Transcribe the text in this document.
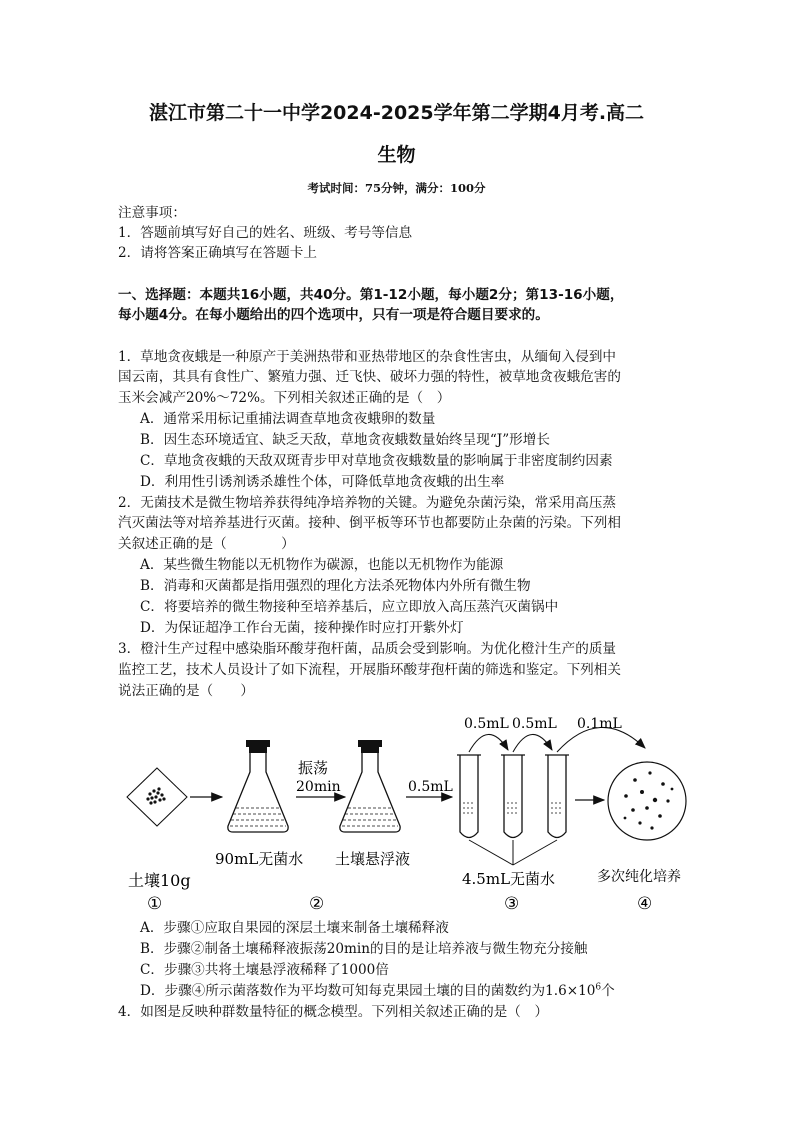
湛江市第二十一中学2024-2025学年第二学期4月考.高二
生物
考试时间：75分钟，满分：100分
注意事项：
1．答题前填写好自己的姓名、班级、考号等信息
2．请将答案正确填写在答题卡上
一、选择题：本题共16小题，共40分。第1-12小题，每小题2分；第13-16小题，
每小题4分。在每小题给出的四个选项中，只有一项是符合题目要求的。
1．草地贪夜蛾是一种原产于美洲热带和亚热带地区的杂食性害虫，从缅甸入侵到中
国云南，其具有食性广、繁殖力强、迁飞快、破坏力强的特性，被草地贪夜蛾危害的
玉米会减产20%～72%。下列相关叙述正确的是（　）
A．通常采用标记重捕法调查草地贪夜蛾卵的数量
B．因生态环境适宜、缺乏天敌，草地贪夜蛾数量始终呈现“J”形增长
C．草地贪夜蛾的天敌双斑青步甲对草地贪夜蛾数量的影响属于非密度制约因素
D．利用性引诱剂诱杀雄性个体，可降低草地贪夜蛾的出生率
2．无菌技术是微生物培养获得纯净培养物的关键。为避免杂菌污染，常采用高压蒸
汽灭菌法等对培养基进行灭菌。接种、倒平板等环节也都要防止杂菌的污染。下列相
关叙述正确的是（　　　　）
A．某些微生物能以无机物作为碳源，也能以无机物作为能源
B．消毒和灭菌都是指用强烈的理化方法杀死物体内外所有微生物
C．将要培养的微生物接种至培养基后，应立即放入高压蒸汽灭菌锅中
D．为保证超净工作台无菌，接种操作时应打开紫外灯
3．橙汁生产过程中感染脂环酸芽孢杆菌，品质会受到影响。为优化橙汁生产的质量
监控工艺，技术人员设计了如下流程，开展脂环酸芽孢杆菌的筛选和鉴定。下列相关
说法正确的是（　　）
振荡
20min	0.5mL
0.5mL 0.5mL 0.1mL
土壤10g
90mL无菌水 土壤悬浮液
4.5mL无菌水	多次纯化培养
①	②	③	④
A．步骤①应取自果园的深层土壤来制备土壤稀释液
B．步骤②制备土壤稀释液振荡20min的目的是让培养液与微生物充分接触
C．步骤③共将土壤悬浮液稀释了1000倍
D．步骤④所示菌落数作为平均数可知每克果园土壤的目的菌数约为$1.6\times 10^6$个
4．如图是反映种群数量特征的概念模型。下列相关叙述正确的是（　）
